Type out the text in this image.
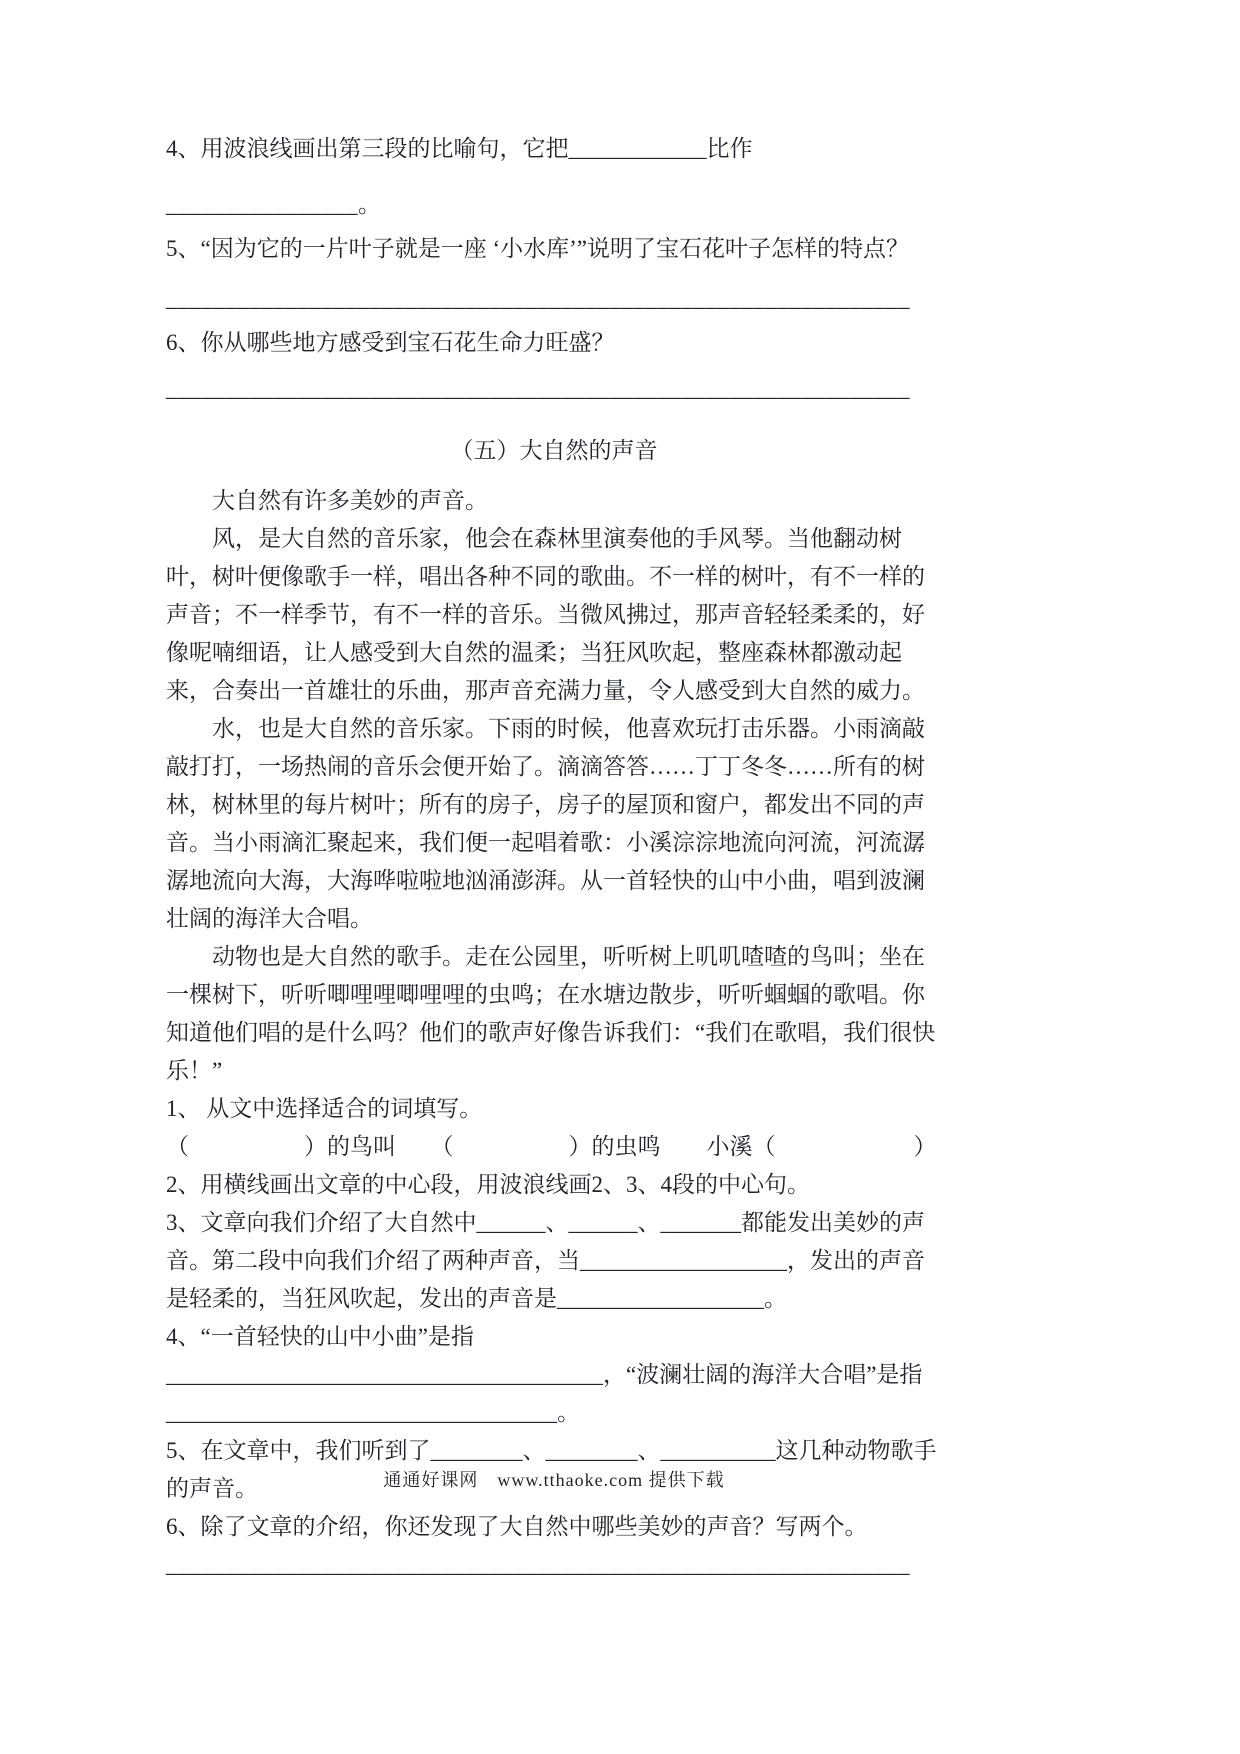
4、用波浪线画出第三段的比喻句，它把____________比作

________________。

5、“因为它的一片叶子就是一座 ‘小水库’”说明了宝石花叶子怎样的特点？

______________________________________________________________

6、你从哪些地方感受到宝石花生命力旺盛？

______________________________________________________________

（五）大自然的声音

大自然有许多美妙的声音。

风，是大自然的音乐家，他会在森林里演奏他的手风琴。当他翻动树叶，树叶便像歌手一样，唱出各种不同的歌曲。不一样的树叶，有不一样的声音；不一样季节，有不一样的音乐。当微风拂过，那声音轻轻柔柔的，好像呢喃细语，让人感受到大自然的温柔；当狂风吹起，整座森林都激动起来，合奏出一首雄壮的乐曲，那声音充满力量，令人感受到大自然的威力。

水，也是大自然的音乐家。下雨的时候，他喜欢玩打击乐器。小雨滴敲敲打打，一场热闹的音乐会便开始了。滴滴答答……丁丁冬冬……所有的树林，树林里的每片树叶；所有的房子，房子的屋顶和窗户，都发出不同的声音。当小雨滴汇聚起来，我们便一起唱着歌：小溪淙淙地流向河流，河流潺潺地流向大海，大海哗啦啦地汹涌澎湃。从一首轻快的山中小曲，唱到波澜壮阔的海洋大合唱。

动物也是大自然的歌手。走在公园里，听听树上叽叽喳喳的鸟叫；坐在一棵树下，听听唧哩哩唧哩哩的虫鸣；在水塘边散步，听听蝈蝈的歌唱。你知道他们唱的是什么吗？他们的歌声好像告诉我们：“我们在歌唱，我们很快乐！”

1、 从文中选择适合的词填写。

（　　　　　）的鸟叫　　（　　　　　）的虫鸣　　小溪（　　　　　　）

2、用横线画出文章的中心段，用波浪线画2、3、4段的中心句。

3、文章向我们介绍了大自然中______、______、_______都能发出美妙的声音。第二段中向我们介绍了两种声音，当__________________，发出的声音是轻柔的，当狂风吹起，发出的声音是__________________。

4、“一首轻快的山中小曲”是指______________________________________，“波澜壮阔的海洋大合唱”是指__________________________________。

5、在文章中，我们听到了________、________、__________这几种动物歌手的声音。

6、除了文章的介绍，你还发现了大自然中哪些美妙的声音？写两个。

______________________________________________________________

通通好课网　www.tthaoke.com 提供下载
